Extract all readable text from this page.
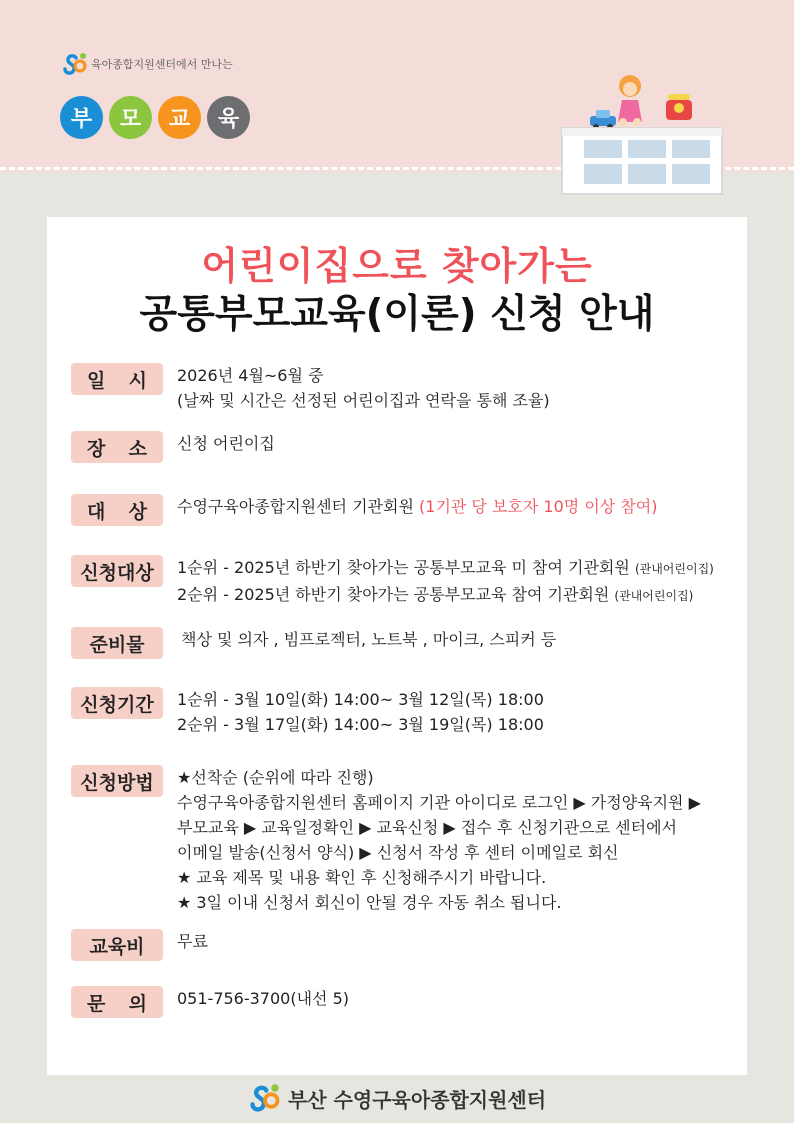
육아종합지원센터에서 만나는
부	모	교	육
어린이집으로 찾아가는
공통부모교육(이론) 신청 안내
일 시 2026년 4월~6월 중
(날짜 및 시간은 선정된 어린이집과 연락을 통해 조율)
장 소 신청 어린이집
대 상 수영구육아종합지원센터 기관회원 (1기관 당 보호자 10명 이상 참여)
신청대상	1순위 - 2025년 하반기 찾아가는 공통부모교육 미 참여 기관회원 (관내어린이집)
2순위 - 2025년 하반기 찾아가는 공통부모교육 참여 기관회원 (관내어린이집)
준비물	책상 및 의자 , 빔프로젝터, 노트북 , 마이크, 스피커 등
신청기간	1순위 - 3월 10일(화) 14:00~ 3월 12일(목) 18:00
2순위 - 3월 17일(화) 14:00~ 3월 19일(목) 18:00
신청방법	★선착순 (순위에 따라 진행)
수영구육아종합지원센터 홈페이지 기관 아이디로 로그인 ▶ 가정양육지원 ▶
부모교육 ▶ 교육일정확인 ▶ 교육신청 ▶ 접수 후 신청기관으로 센터에서
이메일 발송(신청서 양식) ▶ 신청서 작성 후 센터 이메일로 회신
★ 교육 제목 및 내용 확인 후 신청해주시기 바랍니다.
★ 3일 이내 신청서 회신이 안될 경우 자동 취소 됩니다.
교육비	무료
문 의 051-756-3700(내선 5)
부산 수영구육아종합지원센터
